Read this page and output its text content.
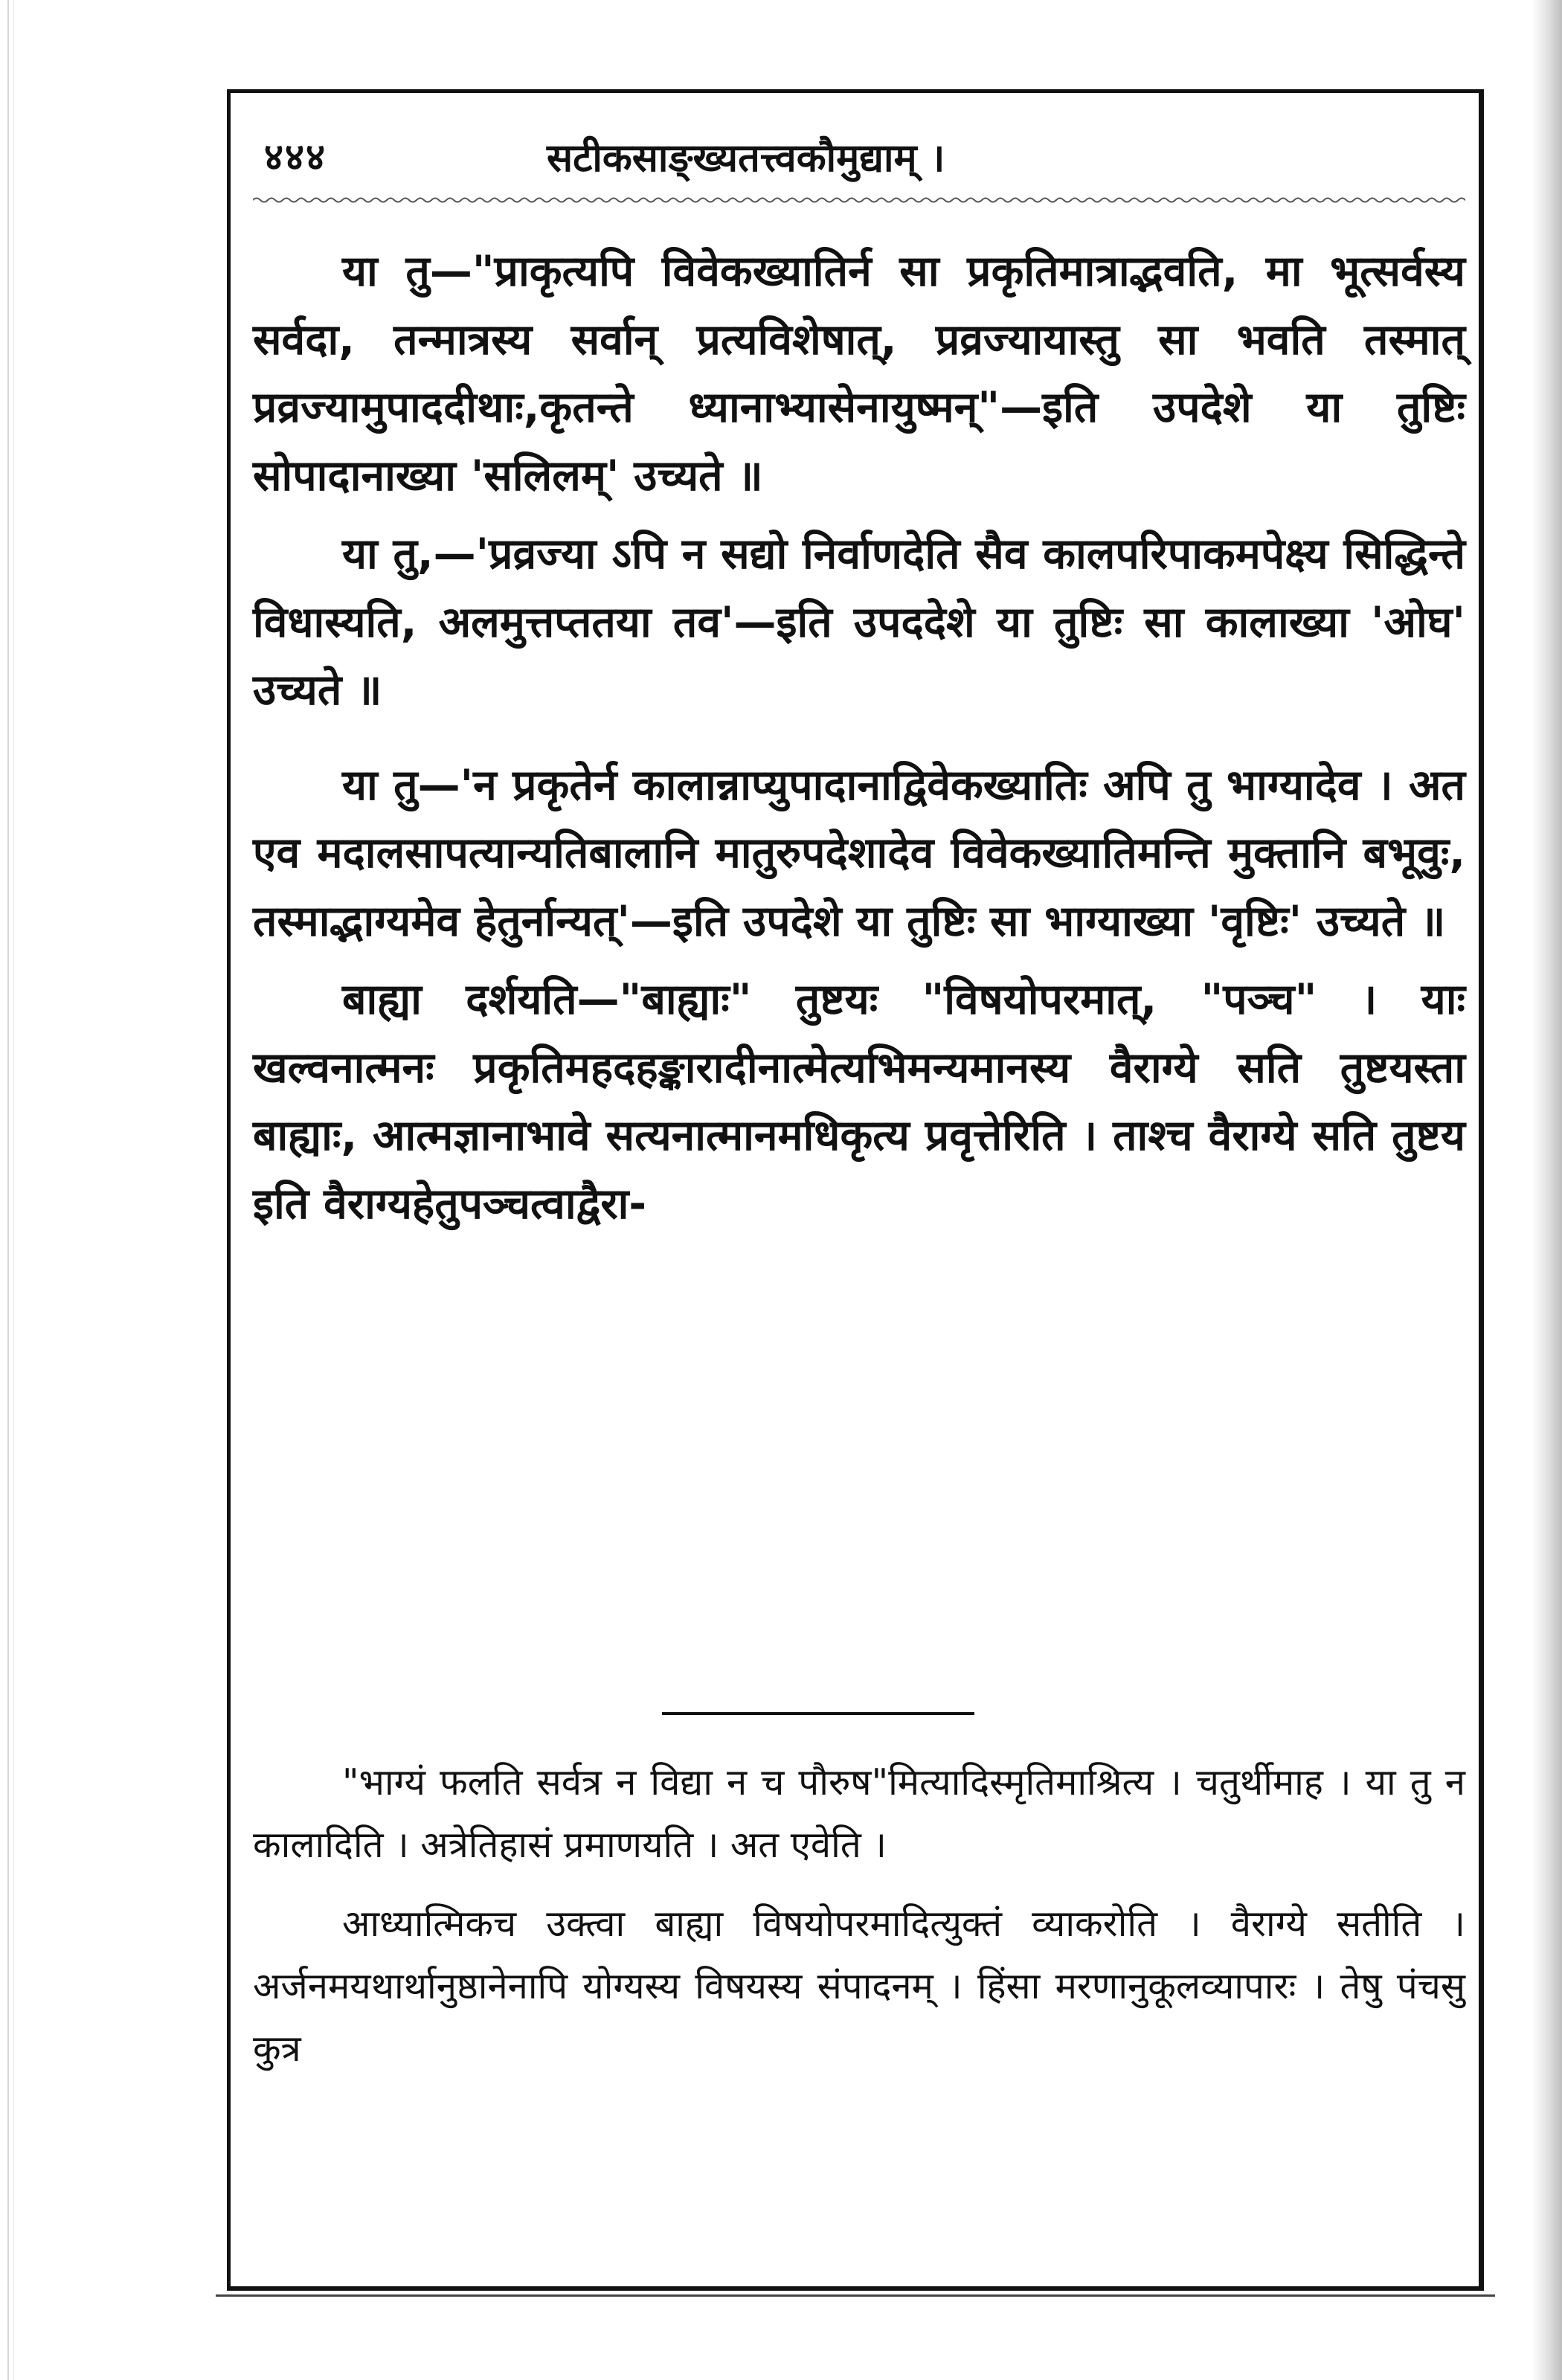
४४४	सटीकसाङ्ख्यतत्त्वकौमुद्याम् ।

या तु—"प्राकृत्यपि विवेकख्यातिर्न सा प्रकृतिमात्राद्भवति, मा भूत्सर्वस्य सर्वदा, तन्मात्रस्य सर्वान् प्रत्यविशेषात्, प्रव्रज्यायास्तु सा भवति तस्मात् प्रव्रज्यामुपाददीथाः,कृतन्ते ध्यानाभ्यासेनायुष्मन्"—इति उपदेशे या तुष्टिः सोपादानाख्या 'सलिलम्' उच्यते ॥

या तु,—'प्रव्रज्या ऽपि न सद्यो निर्वाणदेति सैव कालपरिपाकमपेक्ष्य सिद्धिन्ते विधास्यति, अलमुत्तप्ततया तव'—इति उपददेशे या तुष्टिः सा कालाख्या 'ओघ' उच्यते ॥

या तु—'न प्रकृतेर्न कालान्नाप्युपादानाद्विवेकख्यातिः अपि तु भाग्यादेव । अत एव मदालसापत्यान्यतिबालानि मातुरुपदेशादेव विवेकख्यातिमन्ति मुक्तानि बभूवुः, तस्माद्भाग्यमेव हेतुर्नान्यत्'—इति उपदेशे या तुष्टिः सा भाग्याख्या 'वृष्टिः' उच्यते ॥

बाह्या दर्शयति—"बाह्याः" तुष्टयः "विषयोपरमात्, "पञ्च" । याः खल्वनात्मनः प्रकृतिमहदहङ्कारादीनात्मेत्यभिमन्यमानस्य वैराग्ये सति तुष्टयस्ता बाह्याः, आत्मज्ञानाभावे सत्यनात्मानमधिकृत्य प्रवृत्तेरिति । ताश्च वैराग्ये सति तुष्टय इति वैराग्यहेतुपञ्चत्वाद्वैरा-

"भाग्यं फलति सर्वत्र न विद्या न च पौरुष"मित्यादिस्मृतिमाश्रित्य । चतुर्थीमाह । या तु न कालादिति । अत्रेतिहासं प्रमाणयति । अत एवेति ।

आध्यात्मिकच उक्त्वा बाह्या विषयोपरमादित्युक्तं व्याकरोति । वैराग्ये सतीति । अर्जनमयथार्थानुष्ठानेनापि योग्यस्य विषयस्य संपादनम् । हिंसा मरणानुकूलव्यापारः । तेषु पंचसु कुत्र
